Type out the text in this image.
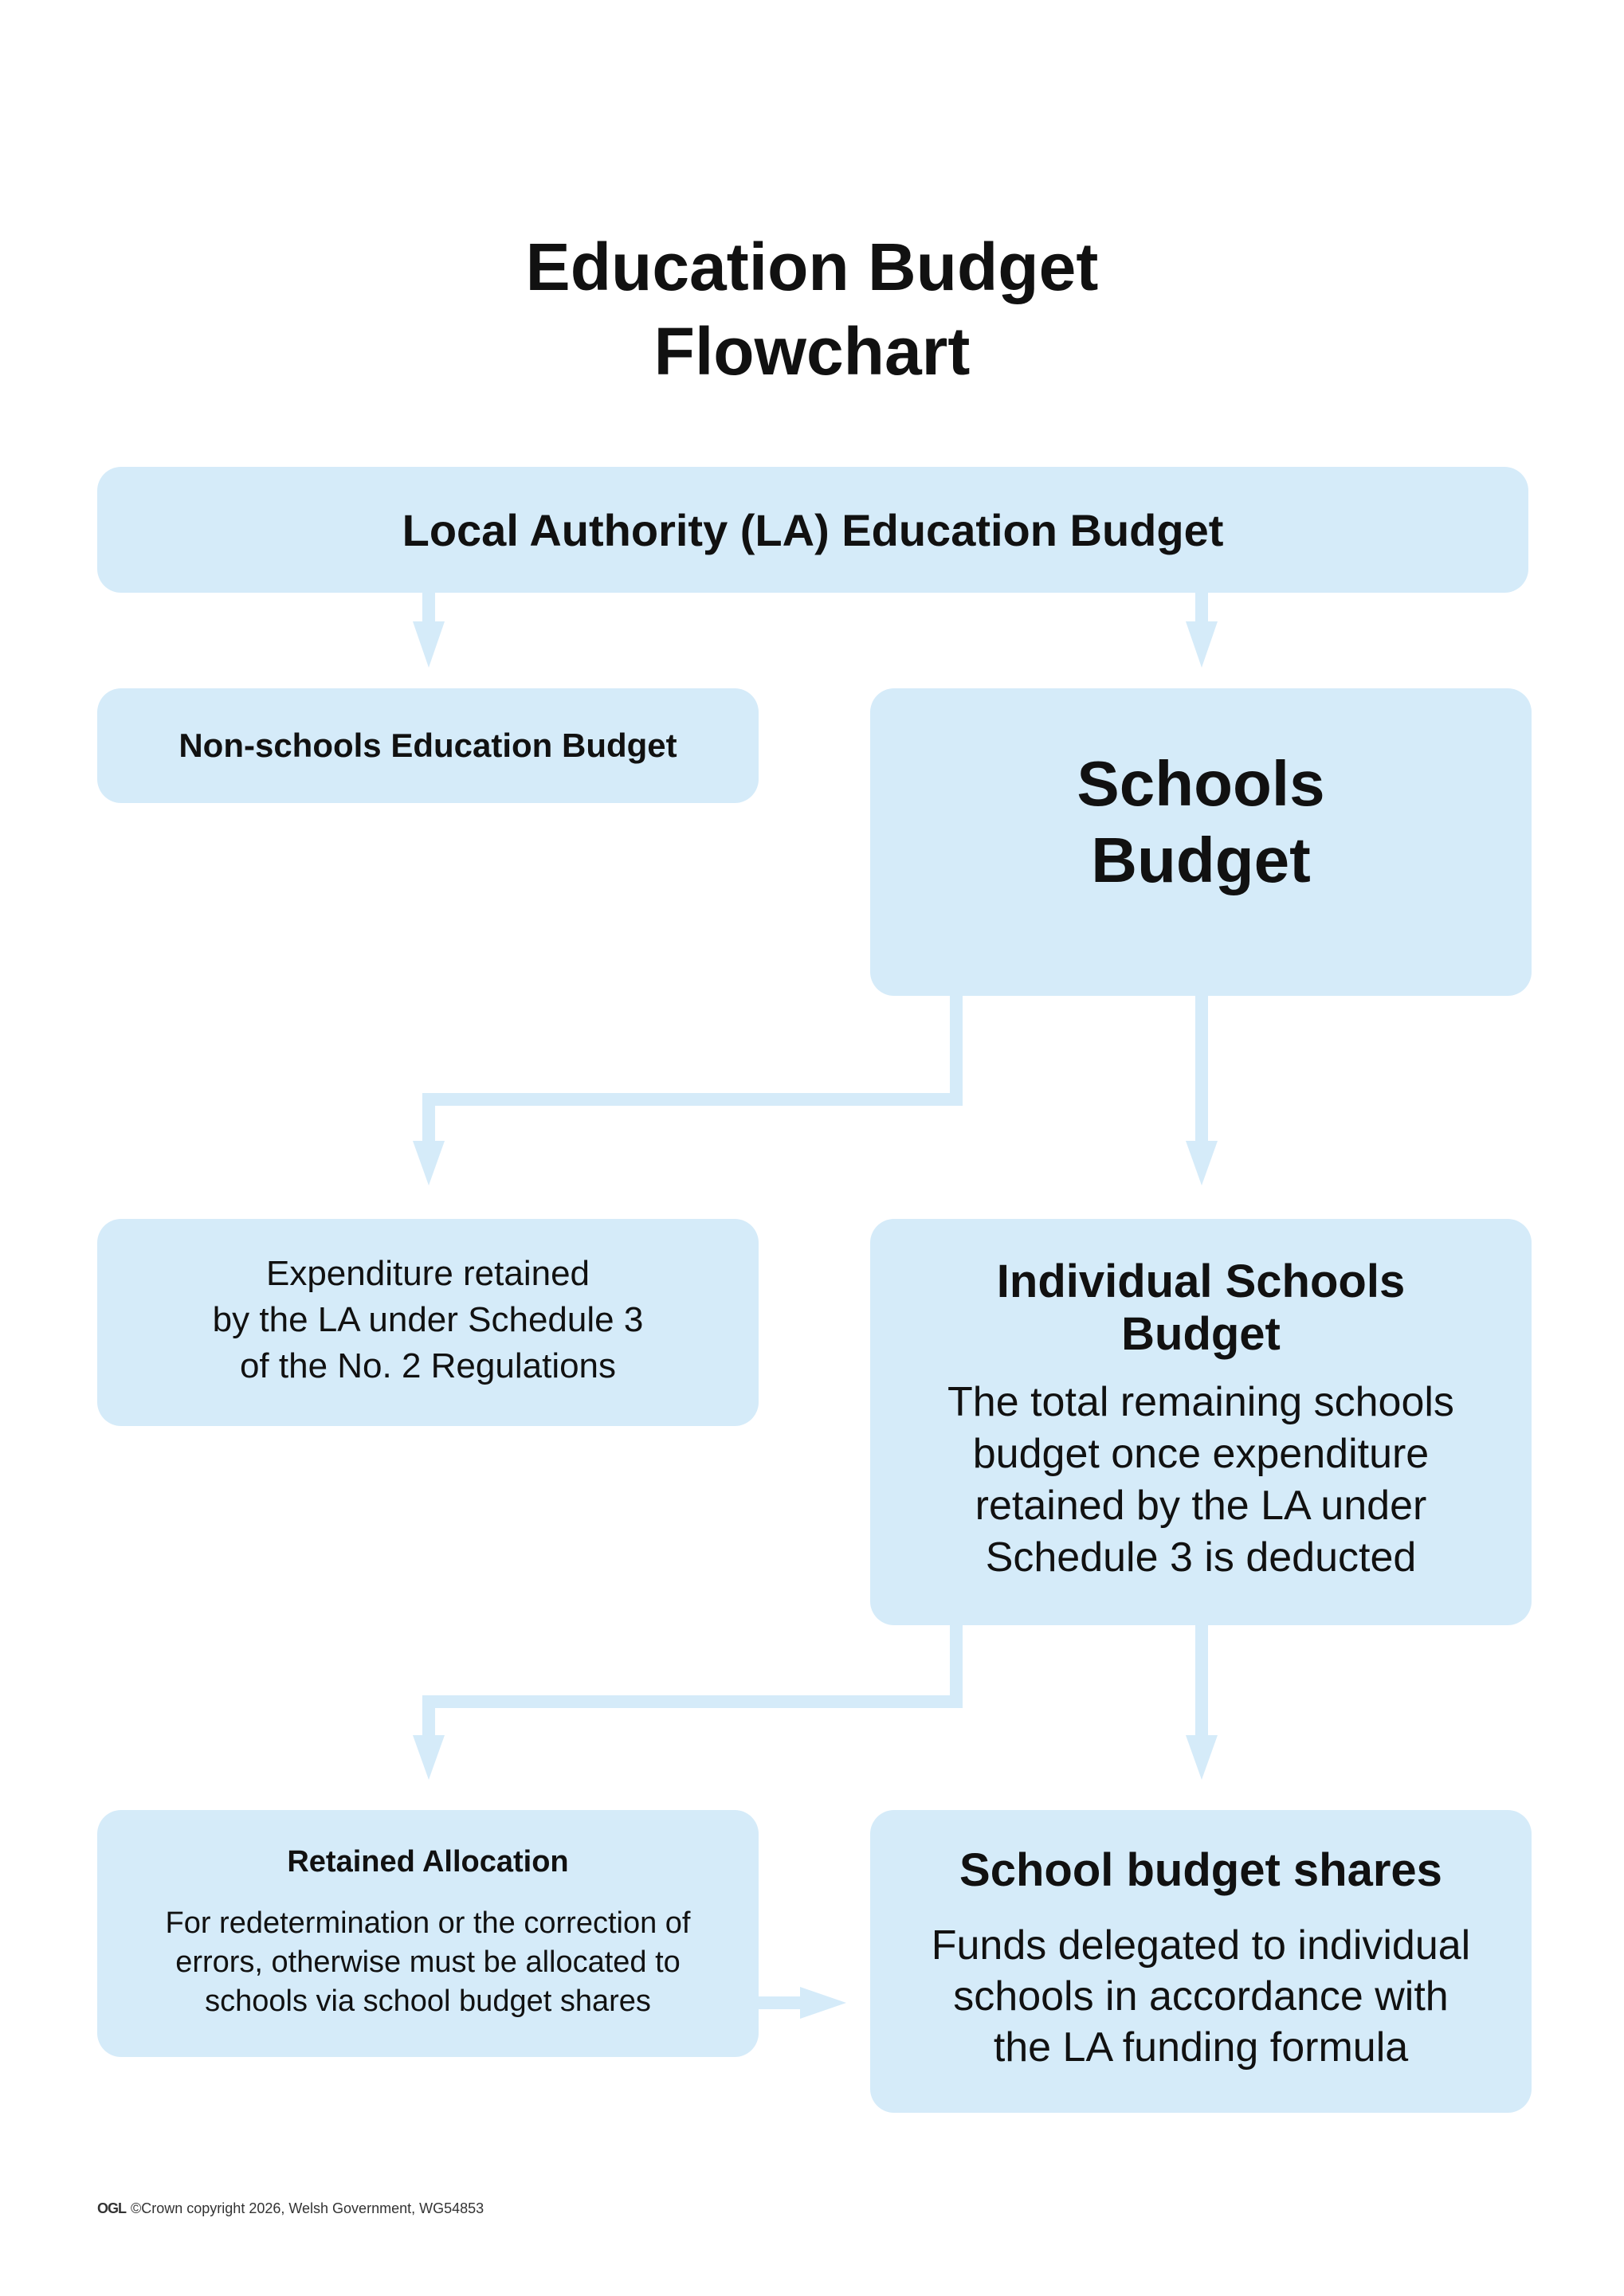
Education Budget
Flowchart
Local Authority (LA) Education Budget
Non-schools Education Budget
Schools
Budget
Expenditure retained
by the LA under Schedule 3
of the No. 2 Regulations
Individual Schools
Budget
The total remaining schools
budget once expenditure
retained by the LA under
Schedule 3 is deducted
Retained Allocation
For redetermination or the correction of
errors, otherwise must be allocated to
schools via school budget shares
School budget shares
Funds delegated to individual
schools in accordance with
the LA funding formula
OGL ©Crown copyright 2026, Welsh Government, WG54853
